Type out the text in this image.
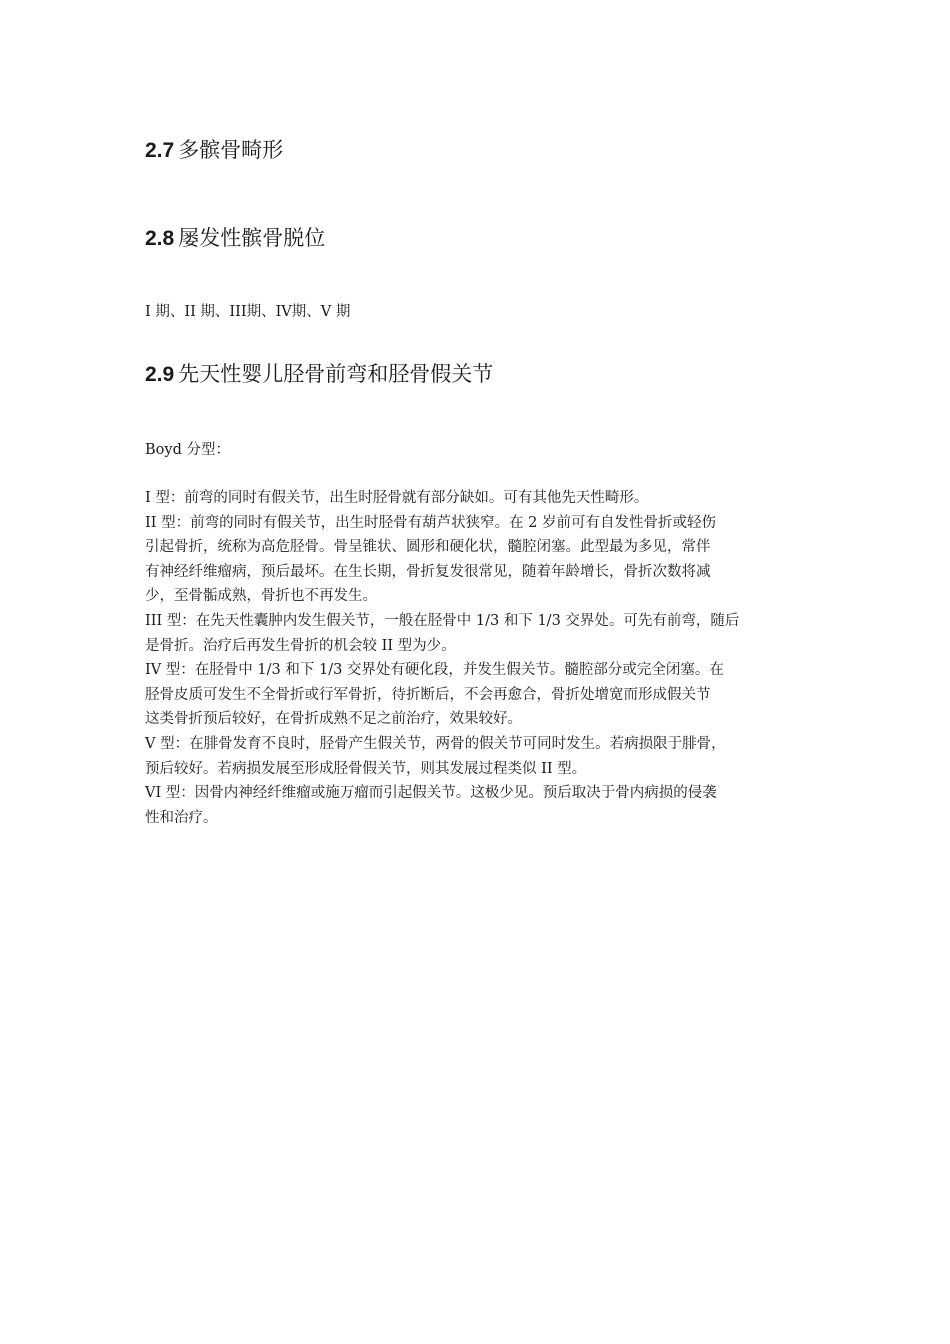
2.7 多髌骨畸形
2.8 屡发性髌骨脱位

I 期、II 期、III期、IV期、V 期

2.9 先天性婴儿胫骨前弯和胫骨假关节

Boyd 分型：

I 型：前弯的同时有假关节，出生时胫骨就有部分缺如。可有其他先天性畸形。
II 型：前弯的同时有假关节，出生时胫骨有葫芦状狭窄。在 2 岁前可有自发性骨折或轻伤
引起骨折，统称为高危胫骨。骨呈锥状、圆形和硬化状，髓腔闭塞。此型最为多见，常伴
有神经纤维瘤病，预后最坏。在生长期，骨折复发很常见，随着年龄增长，骨折次数将减
少，至骨骺成熟，骨折也不再发生。
III 型：在先天性囊肿内发生假关节，一般在胫骨中 1/3 和下 1/3 交界处。可先有前弯，随后
是骨折。治疗后再发生骨折的机会较 II 型为少。
IV 型：在胫骨中 1/3 和下 1/3 交界处有硬化段，并发生假关节。髓腔部分或完全闭塞。在
胫骨皮质可发生不全骨折或行军骨折，待折断后，不会再愈合，骨折处增宽而形成假关节
这类骨折预后较好，在骨折成熟不足之前治疗，效果较好。
V 型：在腓骨发育不良时，胫骨产生假关节，两骨的假关节可同时发生。若病损限于腓骨，
预后较好。若病损发展至形成胫骨假关节，则其发展过程类似 II 型。
VI 型：因骨内神经纤维瘤或施万瘤而引起假关节。这极少见。预后取决于骨内病损的侵袭
性和治疗。
